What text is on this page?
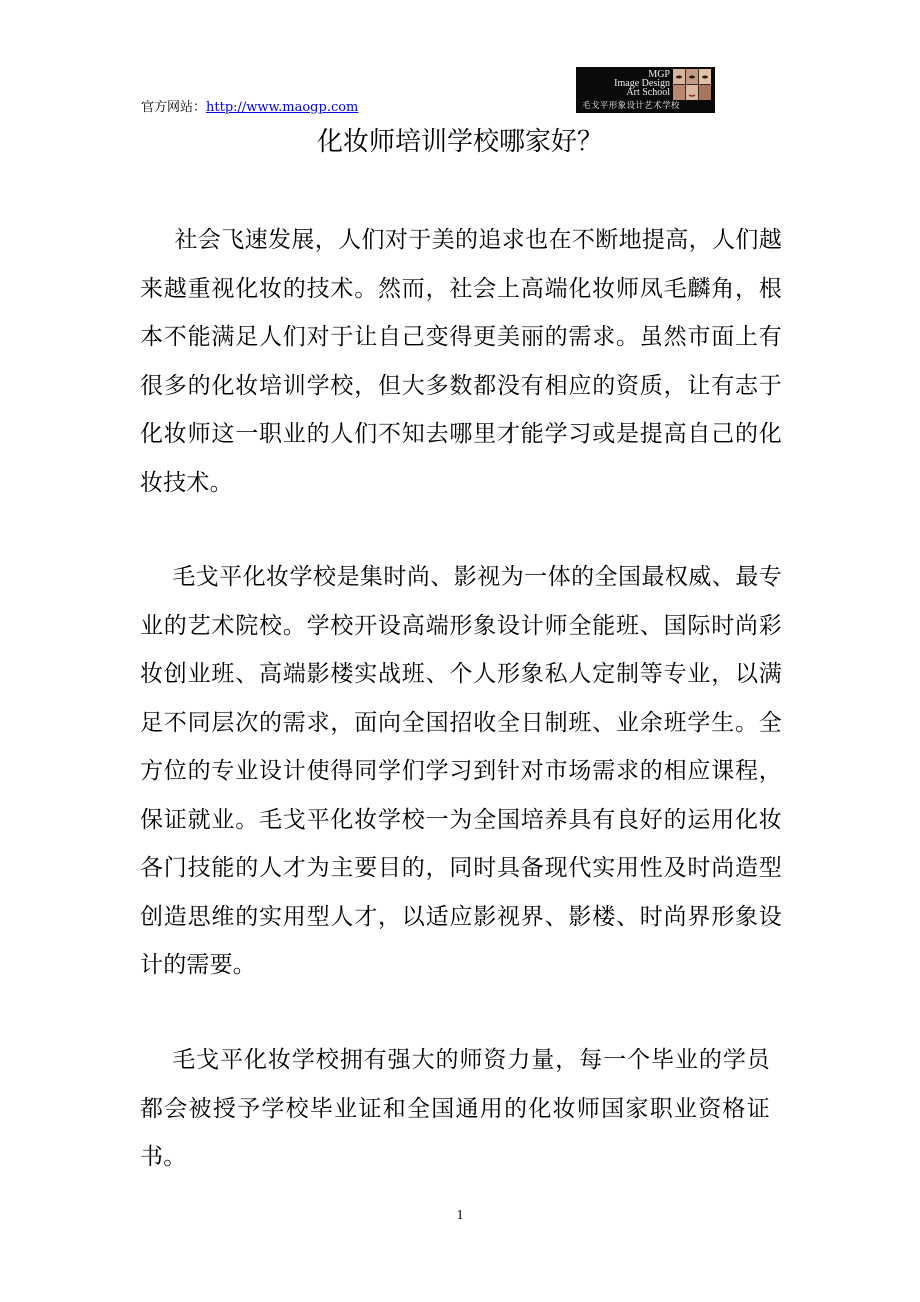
官方网站：http://www.maogp.com
MGP
Image Design
Art School
毛戈平形象设计艺术学校
化妆师培训学校哪家好？

社会飞速发展，人们对于美的追求也在不断地提高，人们越来越重视化妆的技术。然而，社会上高端化妆师凤毛麟角，根本不能满足人们对于让自己变得更美丽的需求。虽然市面上有很多的化妆培训学校，但大多数都没有相应的资质，让有志于化妆师这一职业的人们不知去哪里才能学习或是提高自己的化妆技术。

毛戈平化妆学校是集时尚、影视为一体的全国最权威、最专业的艺术院校。学校开设高端形象设计师全能班、国际时尚彩妆创业班、高端影楼实战班、个人形象私人定制等专业，以满足不同层次的需求，面向全国招收全日制班、业余班学生。全方位的专业设计使得同学们学习到针对市场需求的相应课程，保证就业。毛戈平化妆学校一为全国培养具有良好的运用化妆各门技能的人才为主要目的，同时具备现代实用性及时尚造型创造思维的实用型人才，以适应影视界、影楼、时尚界形象设计的需要。

毛戈平化妆学校拥有强大的师资力量，每一个毕业的学员都会被授予学校毕业证和全国通用的化妆师国家职业资格证书。

1
